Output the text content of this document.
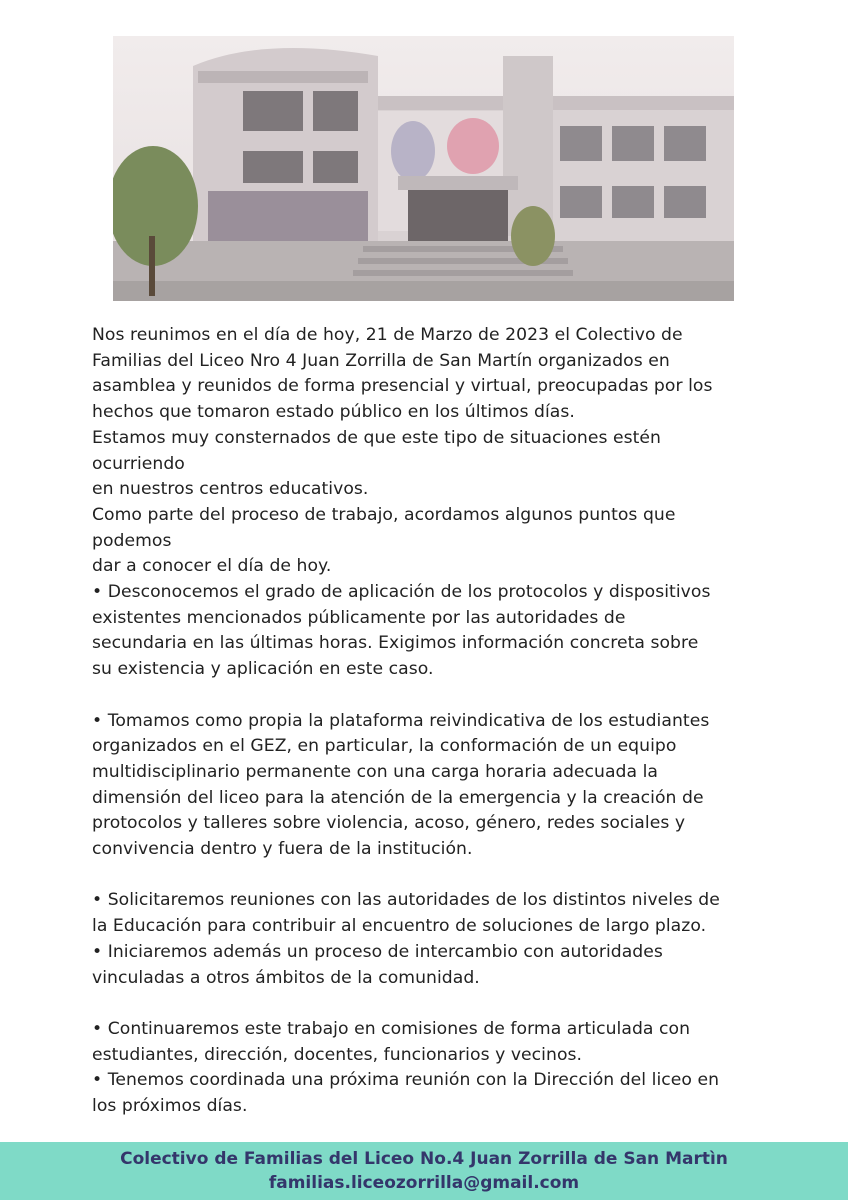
Nos reunimos en el día de hoy, 21 de Marzo de 2023 el Colectivo de
Familias del Liceo Nro 4 Juan Zorrilla de San Martín organizados en
asamblea y reunidos de forma presencial y virtual, preocupadas por los
hechos que tomaron estado público en los últimos días.
Estamos muy consternados de que este tipo de situaciones estén
ocurriendo
en nuestros centros educativos.
Como parte del proceso de trabajo, acordamos algunos puntos que
podemos
dar a conocer el día de hoy.
• Desconocemos el grado de aplicación de los protocolos y dispositivos
existentes mencionados públicamente por las autoridades de
secundaria en las últimas horas. Exigimos información concreta sobre
su existencia y aplicación en este caso.
• Tomamos como propia la plataforma reivindicativa de los estudiantes
organizados en el GEZ, en particular, la conformación de un equipo
multidisciplinario permanente con una carga horaria adecuada la
dimensión del liceo para la atención de la emergencia y la creación de
protocolos y talleres sobre violencia, acoso, género, redes sociales y
convivencia dentro y fuera de la institución.
• Solicitaremos reuniones con las autoridades de los distintos niveles de
la Educación para contribuir al encuentro de soluciones de largo plazo.
• Iniciaremos además un proceso de intercambio con autoridades
vinculadas a otros ámbitos de la comunidad.
• Continuaremos este trabajo en comisiones de forma articulada con
estudiantes, dirección, docentes, funcionarios y vecinos.
• Tenemos coordinada una próxima reunión con la Dirección del liceo en
los próximos días.
Colectivo de Familias del Liceo No.4 Juan Zorrilla de San Martìn
familias.liceozorrilla@gmail.com
